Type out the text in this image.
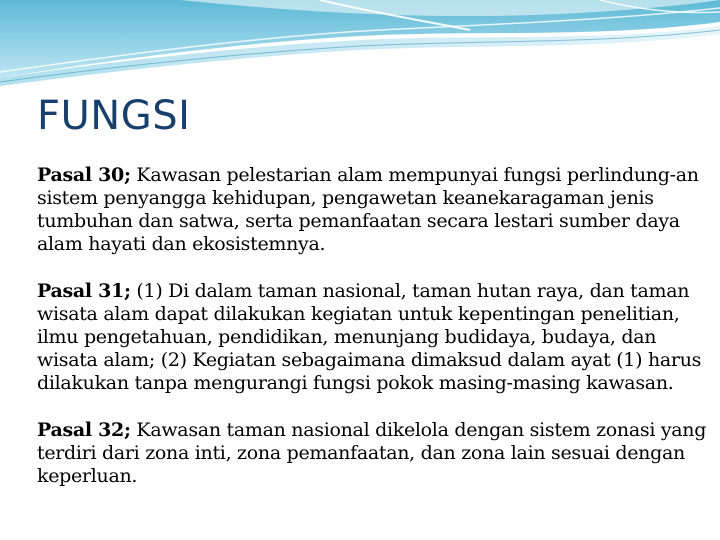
FUNGSI

Pasal 30; Kawasan pelestarian alam mempunyai fungsi perlindung-an sistem penyangga kehidupan, pengawetan keanekaragaman jenis tumbuhan dan satwa, serta pemanfaatan secara lestari sumber daya alam hayati dan ekosistemnya.

Pasal 31; (1) Di dalam taman nasional, taman hutan raya, dan taman wisata alam dapat dilakukan kegiatan untuk kepentingan penelitian, ilmu pengetahuan, pendidikan, menunjang budidaya, budaya, dan wisata alam; (2) Kegiatan sebagaimana dimaksud dalam ayat (1) harus dilakukan tanpa mengurangi fungsi pokok masing-masing kawasan.

Pasal 32; Kawasan taman nasional dikelola dengan sistem zonasi yang terdiri dari zona inti, zona pemanfaatan, dan zona lain sesuai dengan keperluan.
